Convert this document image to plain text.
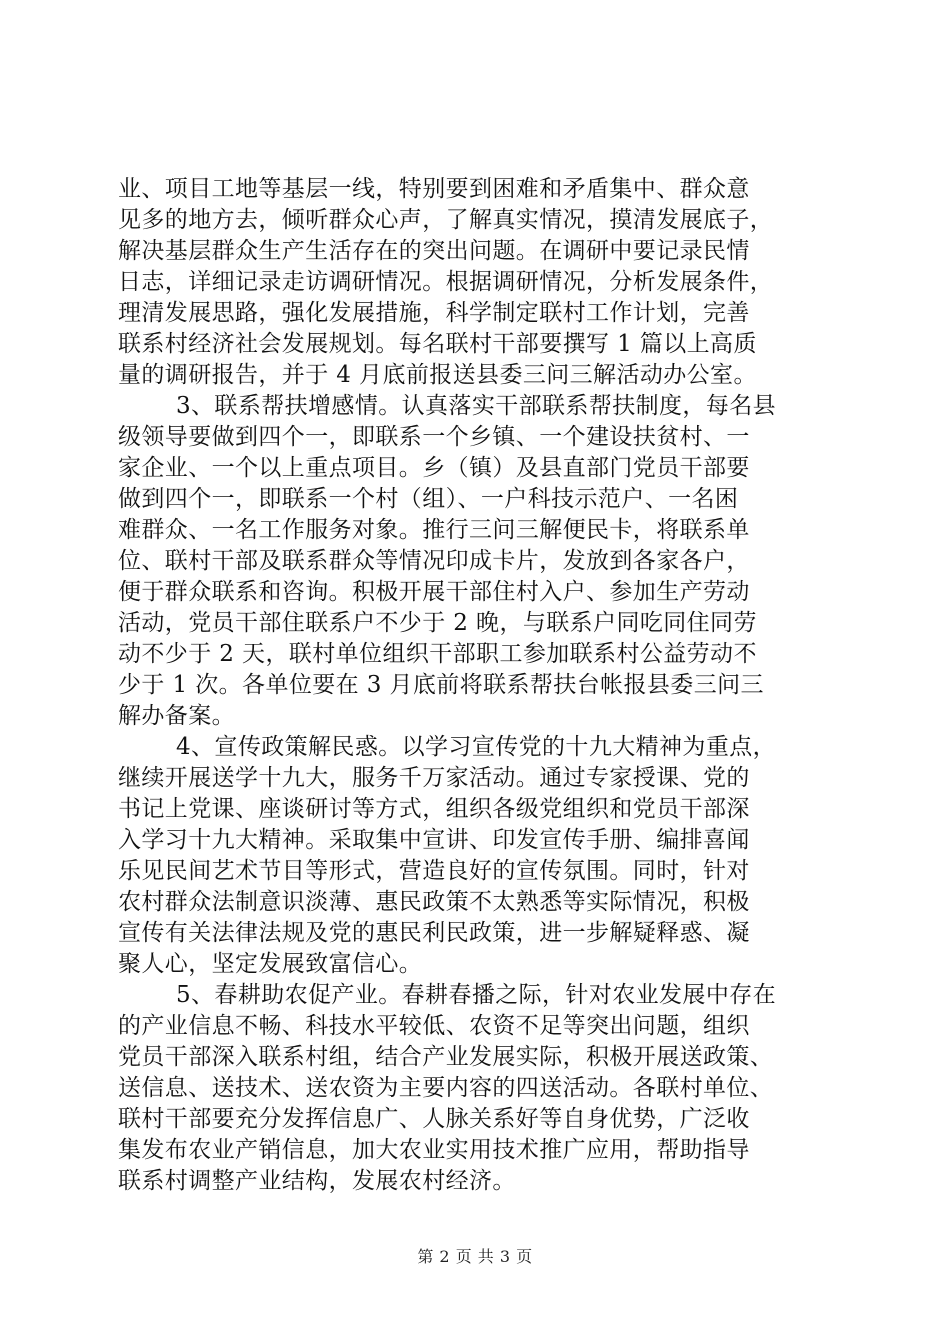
业、项目工地等基层一线，特别要到困难和矛盾集中、群众意
见多的地方去，倾听群众心声，了解真实情况，摸清发展底子，
解决基层群众生产生活存在的突出问题。在调研中要记录民情
日志，详细记录走访调研情况。根据调研情况，分析发展条件，
理清发展思路，强化发展措施，科学制定联村工作计划，完善
联系村经济社会发展规划。每名联村干部要撰写 1 篇以上高质
量的调研报告，并于 4 月底前报送县委三问三解活动办公室。
3、联系帮扶增感情。认真落实干部联系帮扶制度，每名县
级领导要做到四个一，即联系一个乡镇、一个建设扶贫村、一
家企业、一个以上重点项目。乡（镇）及县直部门党员干部要
做到四个一，即联系一个村（组）、一户科技示范户、一名困
难群众、一名工作服务对象。推行三问三解便民卡，将联系单
位、联村干部及联系群众等情况印成卡片，发放到各家各户，
便于群众联系和咨询。积极开展干部住村入户、参加生产劳动
活动，党员干部住联系户不少于 2 晚，与联系户同吃同住同劳
动不少于 2 天，联村单位组织干部职工参加联系村公益劳动不
少于 1 次。各单位要在 3 月底前将联系帮扶台帐报县委三问三
解办备案。
4、宣传政策解民惑。以学习宣传党的十九大精神为重点，
继续开展送学十九大，服务千万家活动。通过专家授课、党的
书记上党课、座谈研讨等方式，组织各级党组织和党员干部深
入学习十九大精神。采取集中宣讲、印发宣传手册、编排喜闻
乐见民间艺术节目等形式，营造良好的宣传氛围。同时，针对
农村群众法制意识淡薄、惠民政策不太熟悉等实际情况，积极
宣传有关法律法规及党的惠民利民政策，进一步解疑释惑、凝
聚人心，坚定发展致富信心。
5、春耕助农促产业。春耕春播之际，针对农业发展中存在
的产业信息不畅、科技水平较低、农资不足等突出问题，组织
党员干部深入联系村组，结合产业发展实际，积极开展送政策、
送信息、送技术、送农资为主要内容的四送活动。各联村单位、
联村干部要充分发挥信息广、人脉关系好等自身优势，广泛收
集发布农业产销信息，加大农业实用技术推广应用，帮助指导
联系村调整产业结构，发展农村经济。
第 2 页 共 3 页
